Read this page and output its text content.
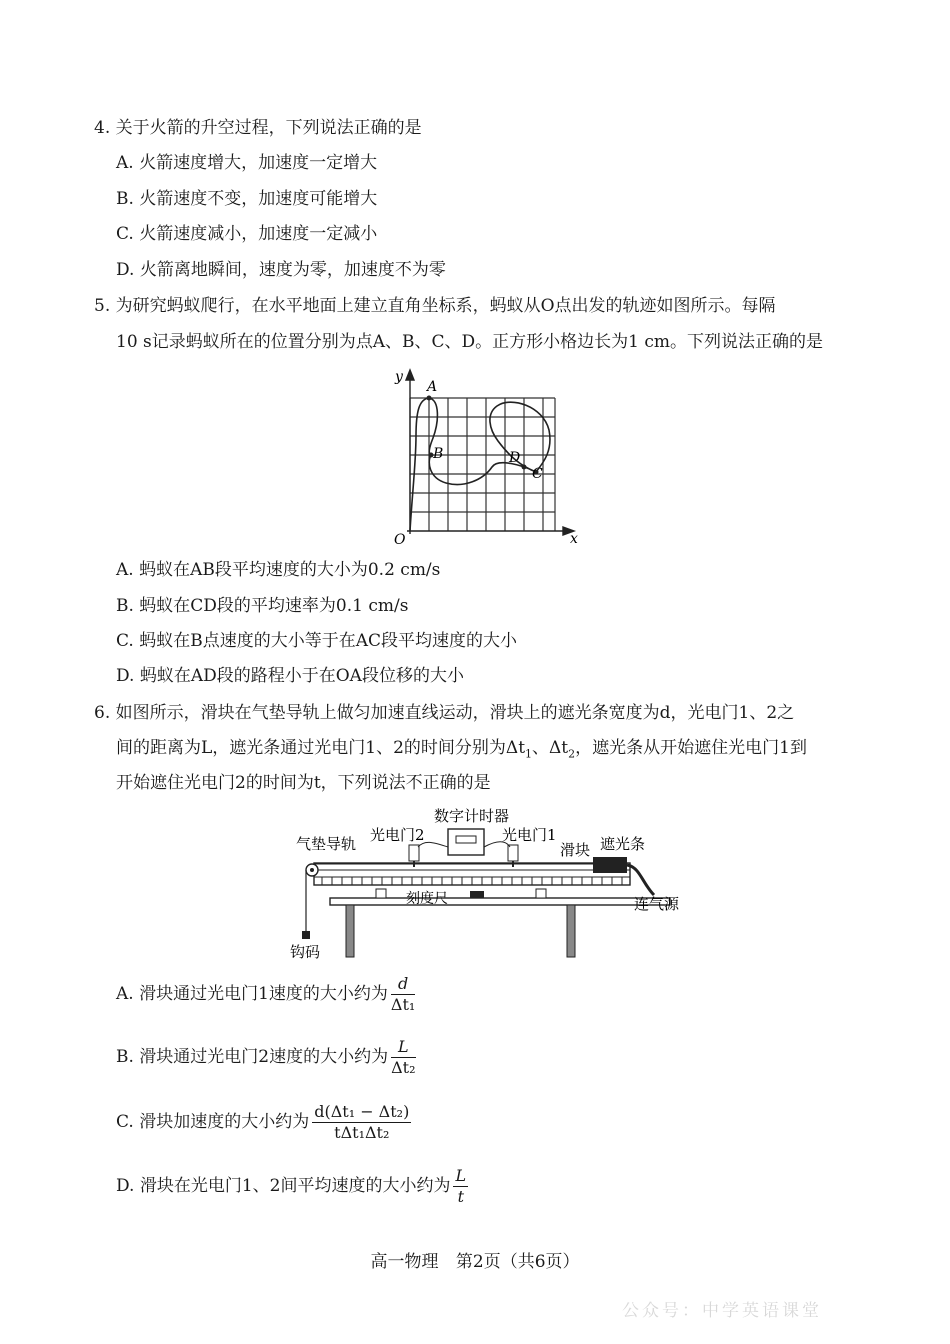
4. 关于火箭的升空过程，下列说法正确的是
A. 火箭速度增大，加速度一定增大
B. 火箭速度不变，加速度可能增大
C. 火箭速度减小，加速度一定减小
D. 火箭离地瞬间，速度为零，加速度不为零
5. 为研究蚂蚁爬行，在水平地面上建立直角坐标系，蚂蚁从O点出发的轨迹如图所示。每隔
10 s记录蚂蚁所在的位置分别为点A、B、C、D。正方形小格边长为1 cm。下列说法正确的是
y
x
O
A
B	D
C
A. 蚂蚁在AB段平均速度的大小为0.2 cm/s
B. 蚂蚁在CD段的平均速率为0.1 cm/s
C. 蚂蚁在B点速度的大小等于在AC段平均速度的大小
D. 蚂蚁在AD段的路程小于在OA段位移的大小
6. 如图所示，滑块在气垫导轨上做匀加速直线运动，滑块上的遮光条宽度为d，光电门1、2之
间的距离为L，遮光条通过光电门1、2的时间分别为$\Delta t_1$、$\Delta t_2$，遮光条从开始遮住光电门1到
开始遮住光电门2的时间为t，下列说法不正确的是
数字计时器
光电门2	光电门1
气垫导轨	滑块 遮光条
刻度尺	连气源
钩码
A. 滑块通过光电门1速度的大小约为 $\frac{d}{\text{Δt₁}}$
B. 滑块通过光电门2速度的大小约为 $\frac{L}{\text{Δt₂}}$
C. 滑块加速度的大小约为 $\frac{\text{d(Δt₁ − Δt₂)}}{\text{tΔt₁Δt₂}}$
D. 滑块在光电门1、2间平均速度的大小约为 $\frac{L}{t}$
高一物理 第2页（共6页）
公众号：中学英语课堂
